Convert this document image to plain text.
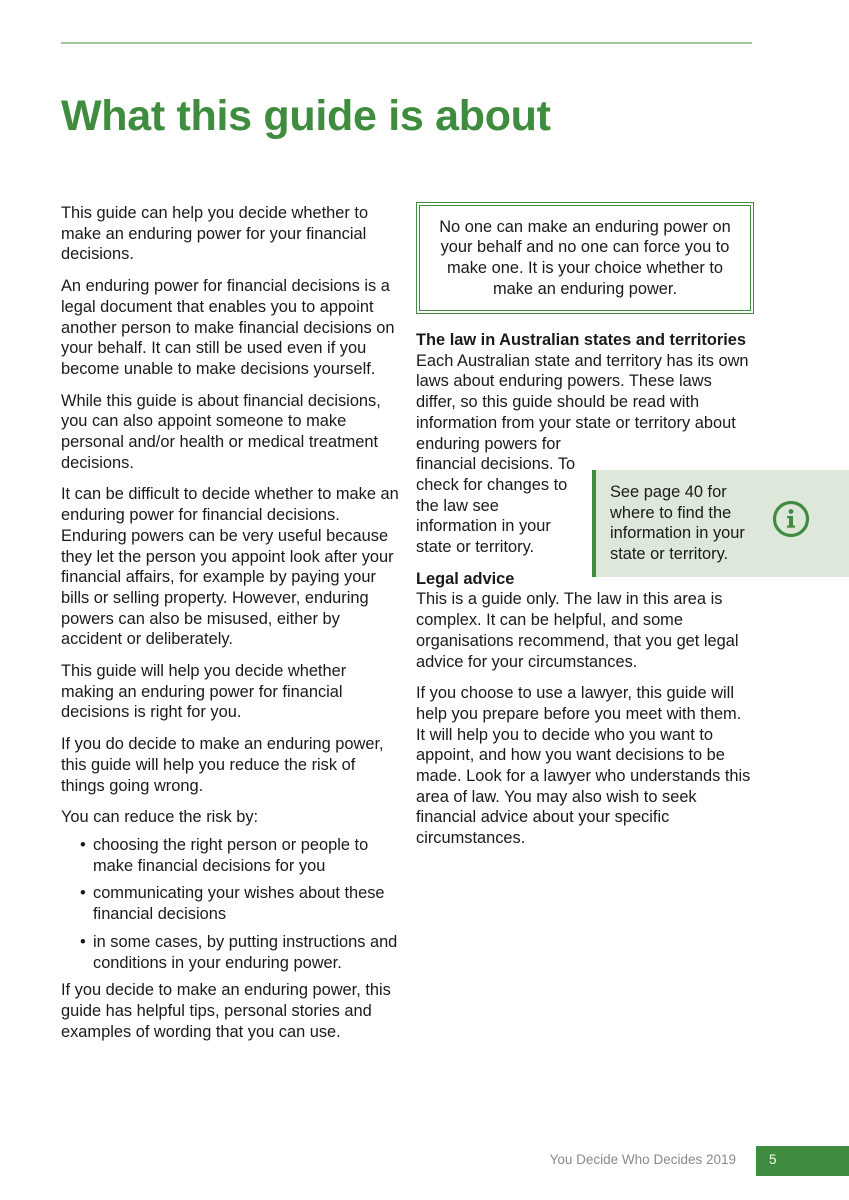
What this guide is about

This guide can help you decide whether to make an enduring power for your financial decisions.

An enduring power for financial decisions is a legal document that enables you to appoint another person to make financial decisions on your behalf. It can still be used even if you become unable to make decisions yourself.

While this guide is about financial decisions, you can also appoint someone to make personal and/or health or medical treatment decisions.

It can be difficult to decide whether to make an enduring power for financial decisions. Enduring powers can be very useful because they let the person you appoint look after your financial affairs, for example by paying your bills or selling property. However, enduring powers can also be misused, either by accident or deliberately.

This guide will help you decide whether making an enduring power for financial decisions is right for you.

If you do decide to make an enduring power, this guide will help you reduce the risk of things going wrong.

You can reduce the risk by:

• choosing the right person or people to make financial decisions for you
• communicating your wishes about these financial decisions
• in some cases, by putting instructions and conditions in your enduring power.

If you decide to make an enduring power, this guide has helpful tips, personal stories and examples of wording that you can use.

No one can make an enduring power on your behalf and no one can force you to make one. It is your choice whether to make an enduring power.
The law in Australian states and territories

Each Australian state and territory has its own laws about enduring powers. These laws differ, so this guide should be read with information from your state or territory about

enduring powers for financial decisions. To check for changes to the law see information in your state or territory.

Legal advice

This is a guide only. The law in this area is complex. It can be helpful, and some organisations recommend, that you get legal advice for your circumstances.

If you choose to use a lawyer, this guide will help you prepare before you meet with them. It will help you to decide who you want to appoint, and how you want decisions to be made. Look for a lawyer who understands this area of law. You may also wish to seek financial advice about your specific circumstances.

See page 40 for where to find the information in your state or territory.
You Decide Who Decides 2019	5
